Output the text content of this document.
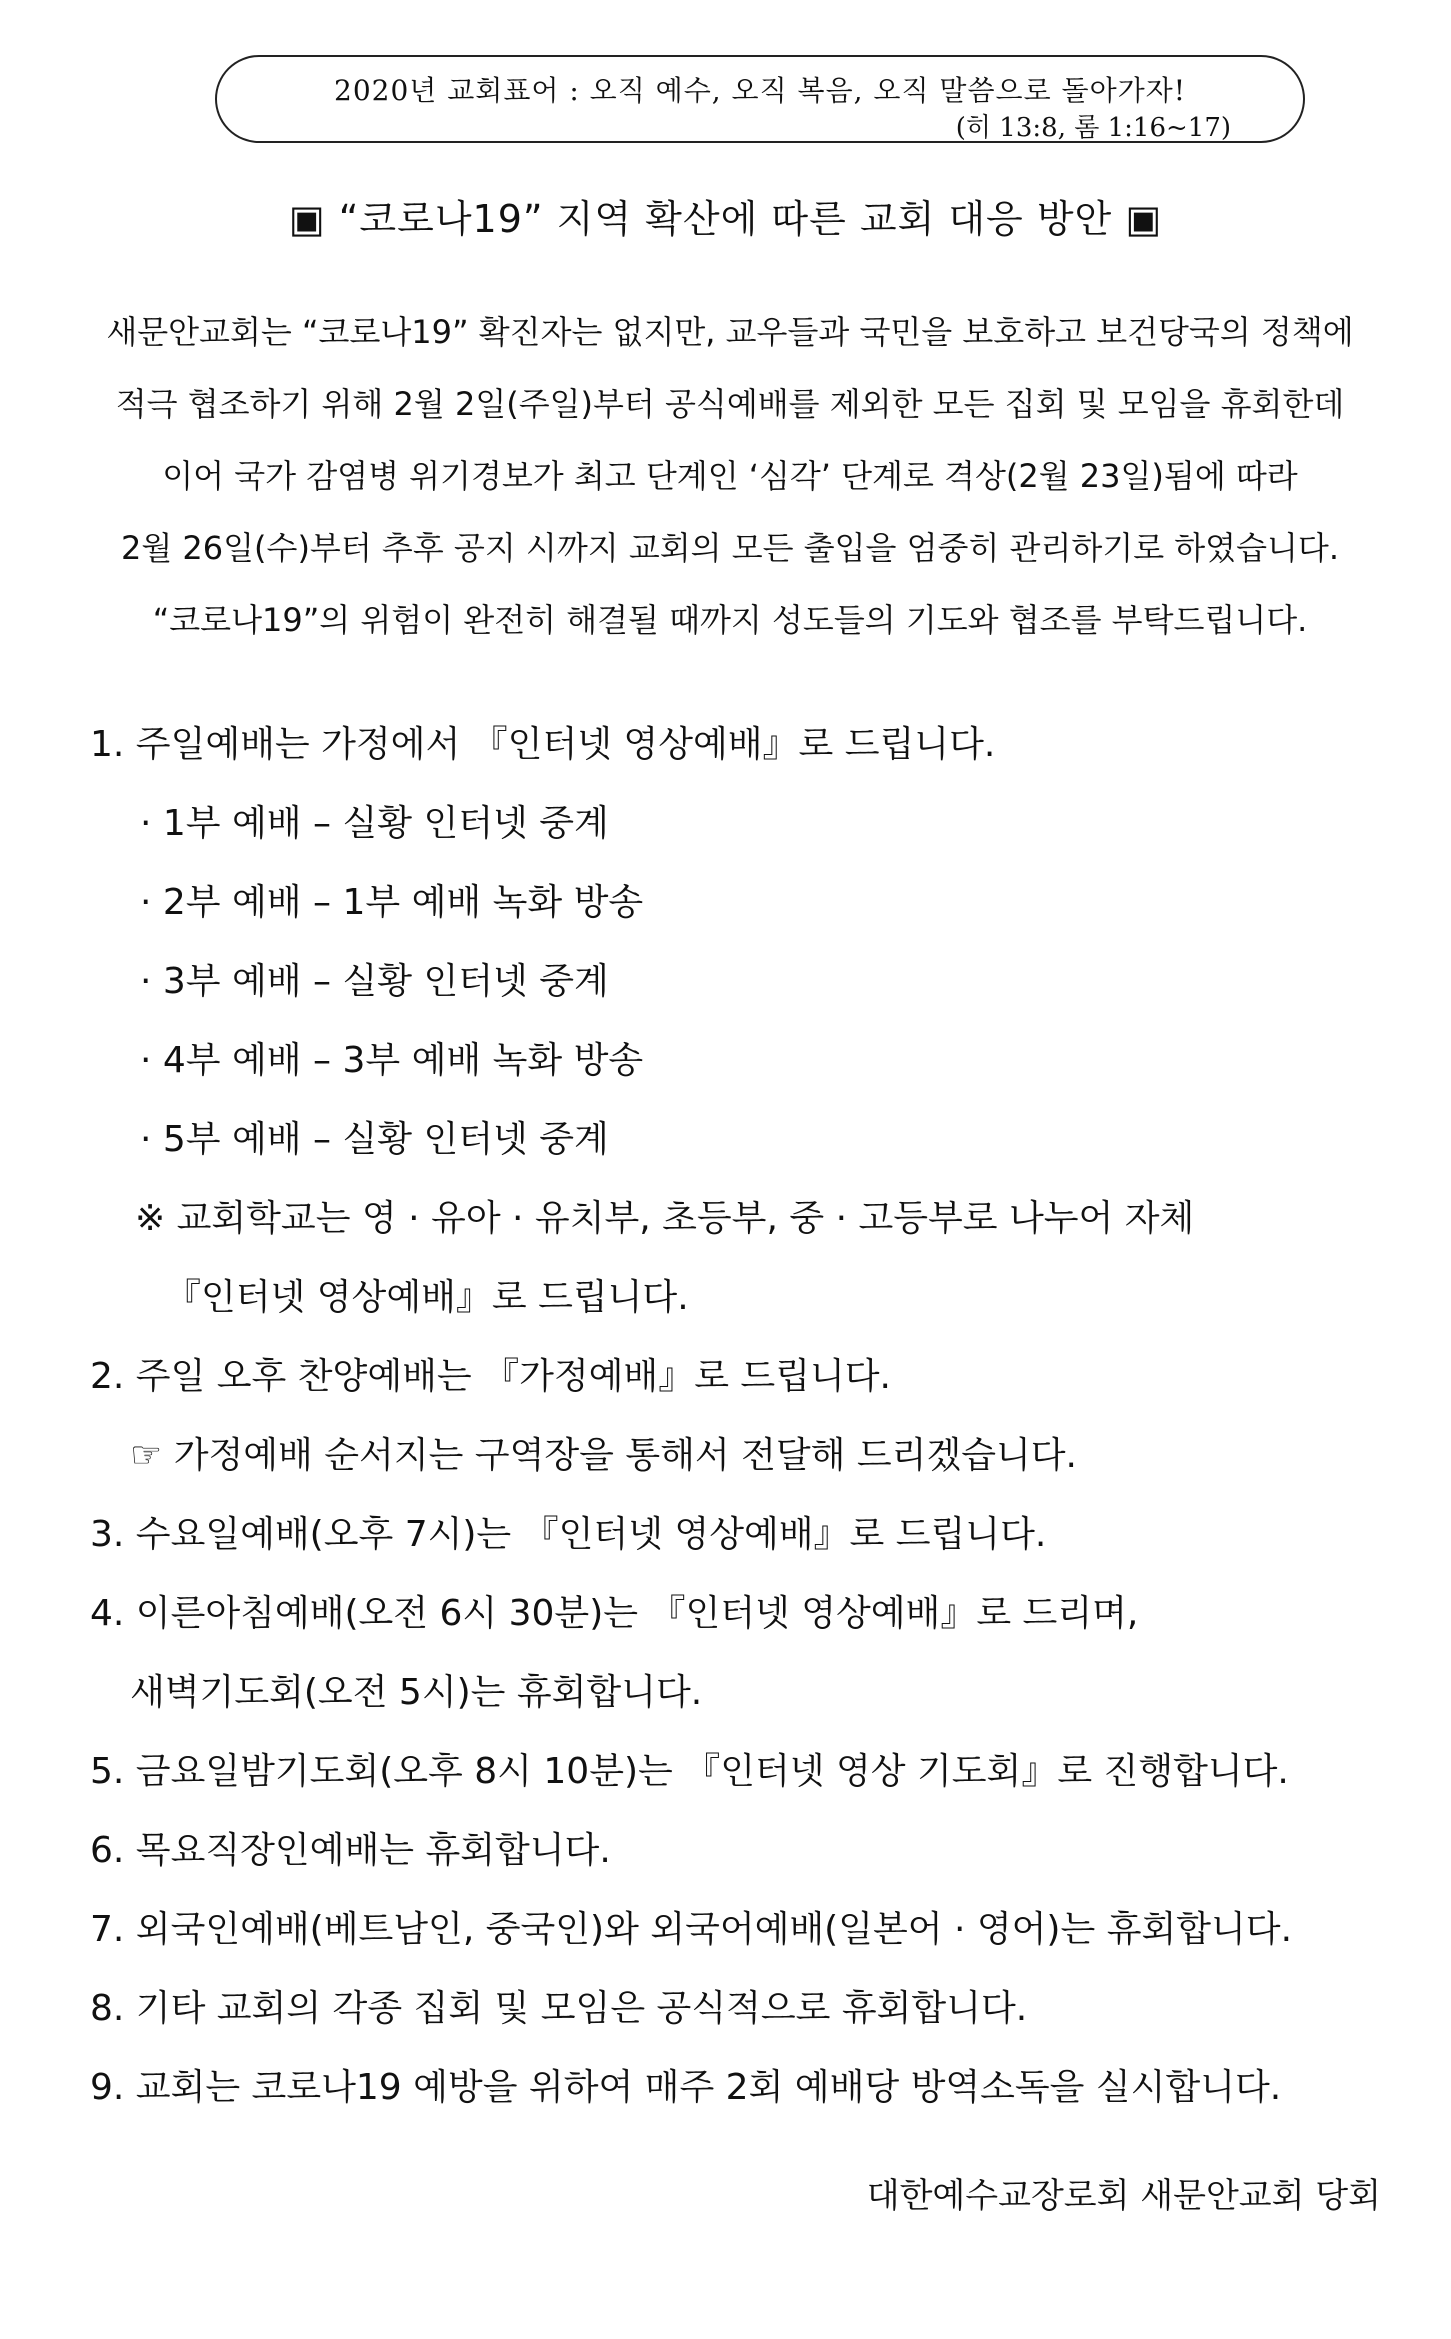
2020년 교회표어 : 오직 예수, 오직 복음, 오직 말씀으로 돌아가자!
(히 13:8, 롬 1:16~17)
▣ “코로나19” 지역 확산에 따른 교회 대응 방안 ▣

새문안교회는 “코로나19” 확진자는 없지만, 교우들과 국민을 보호하고 보건당국의 정책에

적극 협조하기 위해 2월 2일(주일)부터 공식예배를 제외한 모든 집회 및 모임을 휴회한데

이어 국가 감염병 위기경보가 최고 단계인 ‘심각’ 단계로 격상(2월 23일)됨에 따라

2월 26일(수)부터 추후 공지 시까지 교회의 모든 출입을 엄중히 관리하기로 하였습니다.

“코로나19”의 위험이 완전히 해결될 때까지 성도들의 기도와 협조를 부탁드립니다.

1. 주일예배는 가정에서 『인터넷 영상예배』로 드립니다.
· 1부 예배 – 실황 인터넷 중계
· 2부 예배 – 1부 예배 녹화 방송
· 3부 예배 – 실황 인터넷 중계
· 4부 예배 – 3부 예배 녹화 방송
· 5부 예배 – 실황 인터넷 중계
※ 교회학교는 영 · 유아 · 유치부, 초등부, 중 · 고등부로 나누어 자체
『인터넷 영상예배』로 드립니다.
2. 주일 오후 찬양예배는 『가정예배』로 드립니다.
☞ 가정예배 순서지는 구역장을 통해서 전달해 드리겠습니다.
3. 수요일예배(오후 7시)는 『인터넷 영상예배』로 드립니다.
4. 이른아침예배(오전 6시 30분)는 『인터넷 영상예배』로 드리며,
새벽기도회(오전 5시)는 휴회합니다.
5. 금요일밤기도회(오후 8시 10분)는 『인터넷 영상 기도회』로 진행합니다.
6. 목요직장인예배는 휴회합니다.
7. 외국인예배(베트남인, 중국인)와 외국어예배(일본어 · 영어)는 휴회합니다.
8. 기타 교회의 각종 집회 및 모임은 공식적으로 휴회합니다.
9. 교회는 코로나19 예방을 위하여 매주 2회 예배당 방역소독을 실시합니다.
대한예수교장로회 새문안교회 당회
